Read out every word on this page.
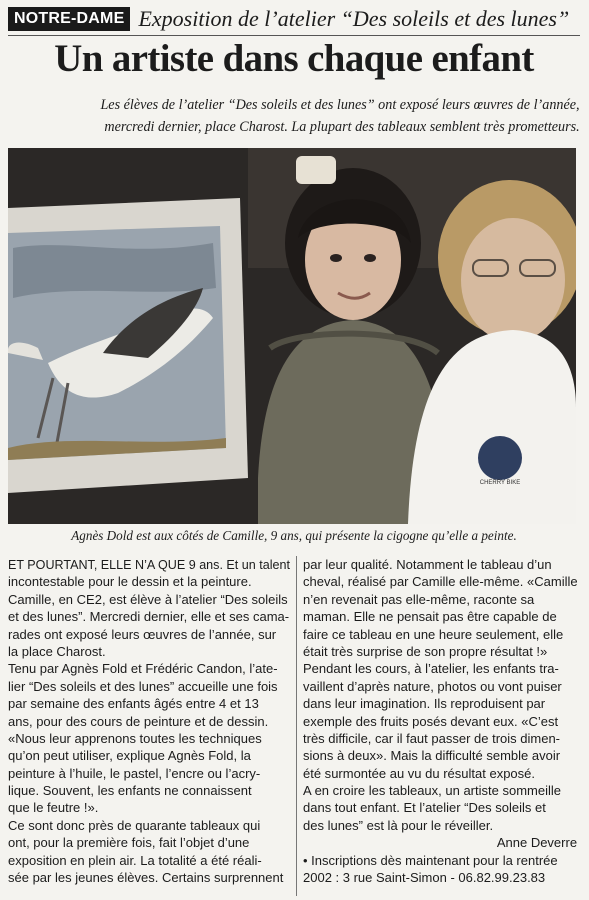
NOTRE-DAME Exposition de l’atelier “Des soleils et des lunes”
Un artiste dans chaque enfant
Les élèves de l’atelier “Des soleils et des lunes” ont exposé leurs œuvres de l’année, mercredi dernier, place Charost. La plupart des tableaux semblent très prometteurs.
CHERRY BIKE
Agnès Dold est aux côtés de Camille, 9 ans, qui présente la cigogne qu’elle a peinte.
ET POURTANT, ELLE N’A QUE 9 ans. Et un talent
incontestable pour le dessin et la peinture.
Camille, en CE2, est élève à l’atelier “Des soleils
et des lunes”. Mercredi dernier, elle et ses cama-
rades ont exposé leurs œuvres de l’année, sur
la place Charost.
Tenu par Agnès Fold et Frédéric Candon, l’ate-
lier “Des soleils et des lunes” accueille une fois
par semaine des enfants âgés entre 4 et 13
ans, pour des cours de peinture et de dessin.
«Nous leur apprenons toutes les techniques
qu’on peut utiliser, explique Agnès Fold, la
peinture à l’huile, le pastel, l’encre ou l’acry-
lique. Souvent, les enfants ne connaissent
que le feutre !».
Ce sont donc près de quarante tableaux qui
ont, pour la première fois, fait l’objet d’une
exposition en plein air. La totalité a été réali-
sée par les jeunes élèves. Certains surprennent
par leur qualité. Notamment le tableau d’un
cheval, réalisé par Camille elle-même. «Camille
n’en revenait pas elle-même, raconte sa
maman. Elle ne pensait pas être capable de
faire ce tableau en une heure seulement, elle
était très surprise de son propre résultat !»
Pendant les cours, à l’atelier, les enfants tra-
vaillent d’après nature, photos ou vont puiser
dans leur imagination. Ils reproduisent par
exemple des fruits posés devant eux. «C’est
très difficile, car il faut passer de trois dimen-
sions à deux». Mais la difficulté semble avoir
été surmontée au vu du résultat exposé.
A en croire les tableaux, un artiste sommeille
dans tout enfant. Et l’atelier “Des soleils et
des lunes” est là pour le réveiller.
Anne Deverre
• Inscriptions dès maintenant pour la rentrée
2002 : 3 rue Saint-Simon - 06.82.99.23.83
